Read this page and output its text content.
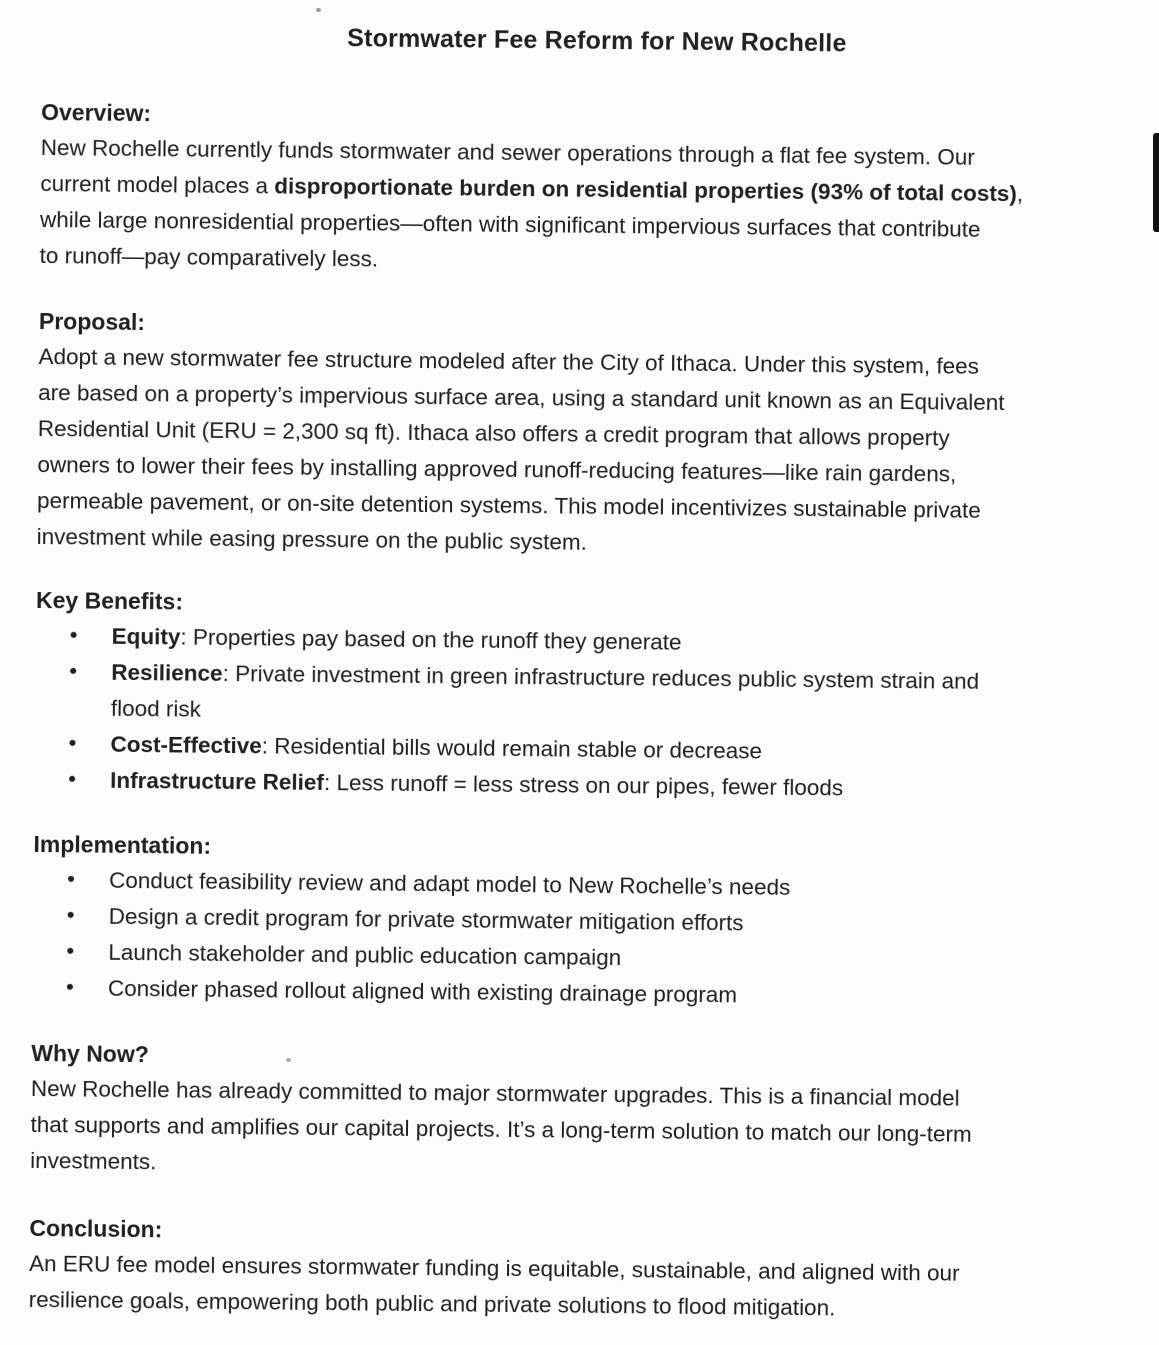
Stormwater Fee Reform for New Rochelle
Overview:
New Rochelle currently funds stormwater and sewer operations through a flat fee system. Our
current model places a disproportionate burden on residential properties (93% of total costs),
while large nonresidential properties—often with significant impervious surfaces that contribute
to runoff—pay comparatively less.
Proposal:
Adopt a new stormwater fee structure modeled after the City of Ithaca. Under this system, fees
are based on a property’s impervious surface area, using a standard unit known as an Equivalent
Residential Unit (ERU = 2,300 sq ft). Ithaca also offers a credit program that allows property
owners to lower their fees by installing approved runoff-reducing features—like rain gardens,
permeable pavement, or on-site detention systems. This model incentivizes sustainable private
investment while easing pressure on the public system.
Key Benefits:
• Equity: Properties pay based on the runoff they generate
• Resilience: Private investment in green infrastructure reduces public system strain and
flood risk
• Cost-Effective: Residential bills would remain stable or decrease
• Infrastructure Relief: Less runoff = less stress on our pipes, fewer floods
Implementation:
• Conduct feasibility review and adapt model to New Rochelle’s needs
• Design a credit program for private stormwater mitigation efforts
• Launch stakeholder and public education campaign
• Consider phased rollout aligned with existing drainage program
Why Now?
New Rochelle has already committed to major stormwater upgrades. This is a financial model
that supports and amplifies our capital projects. It’s a long-term solution to match our long-term
investments.
Conclusion:
An ERU fee model ensures stormwater funding is equitable, sustainable, and aligned with our
resilience goals, empowering both public and private solutions to flood mitigation.
